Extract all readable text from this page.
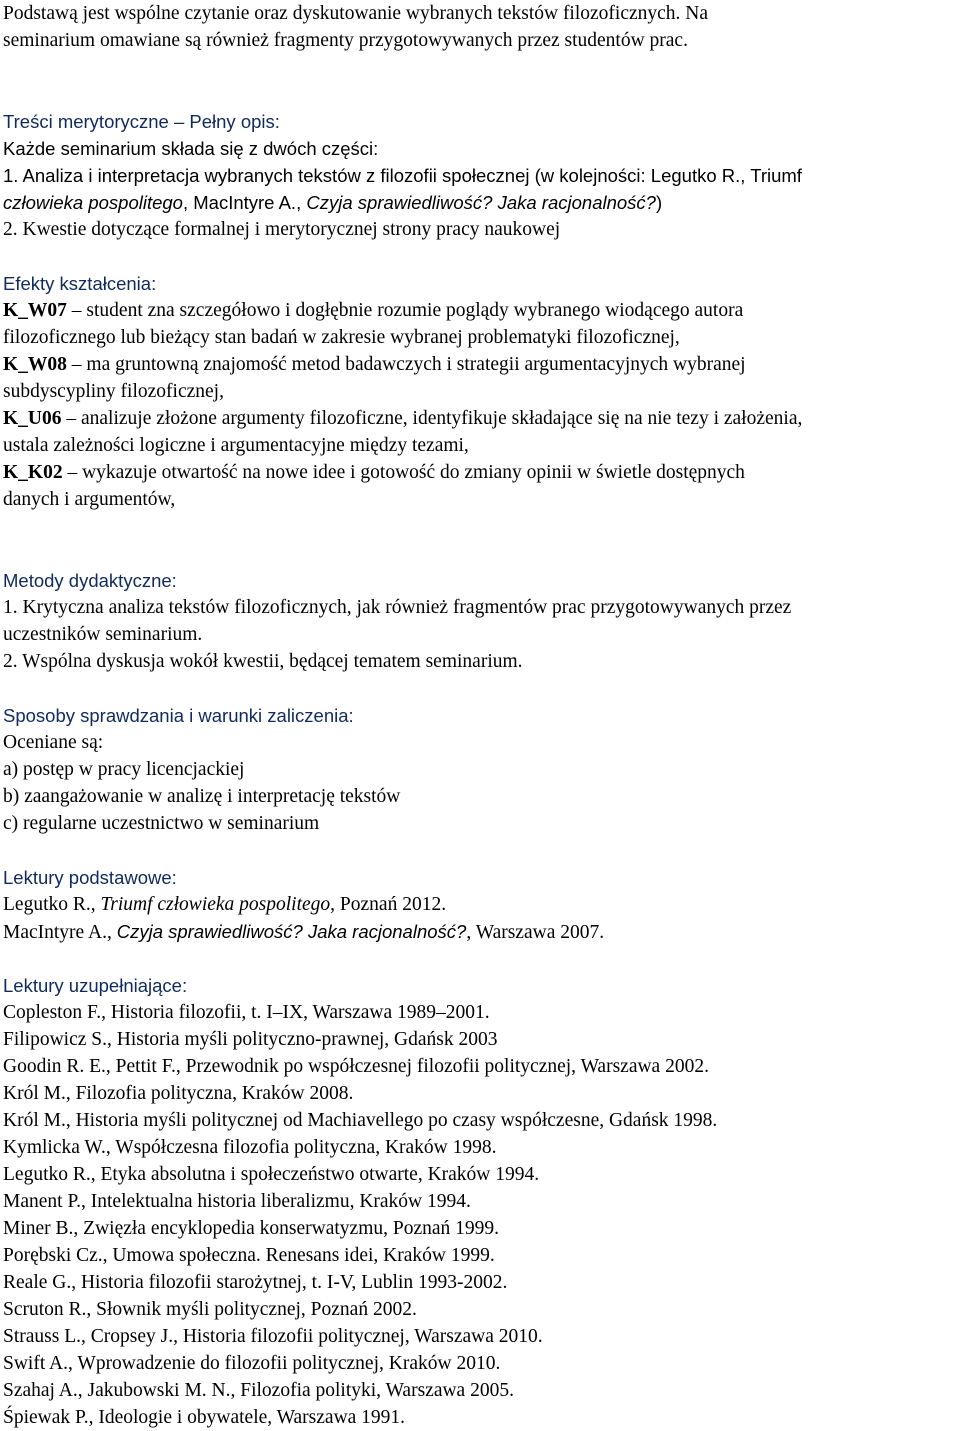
Podstawą jest wspólne czytanie oraz dyskutowanie wybranych tekstów filozoficznych. Na
seminarium omawiane są również fragmenty przygotowywanych przez studentów prac.
Treści merytoryczne – Pełny opis:
Każde seminarium składa się z dwóch części:
1. Analiza i interpretacja wybranych tekstów z filozofii społecznej (w kolejności: Legutko R., Triumf
człowieka pospolitego, MacIntyre A., Czyja sprawiedliwość? Jaka racjonalność?)
2. Kwestie dotyczące formalnej i merytorycznej strony pracy naukowej
Efekty kształcenia:
K_W07 – student zna szczegółowo i dogłębnie rozumie poglądy wybranego wiodącego autora
filozoficznego lub bieżący stan badań w zakresie wybranej problematyki filozoficznej,
K_W08 – ma gruntowną znajomość metod badawczych i strategii argumentacyjnych wybranej
subdyscypliny filozoficznej,
K_U06 – analizuje złożone argumenty filozoficzne, identyfikuje składające się na nie tezy i założenia,
ustala zależności logiczne i argumentacyjne między tezami,
K_K02 – wykazuje otwartość na nowe idee i gotowość do zmiany opinii w świetle dostępnych
danych i argumentów,
Metody dydaktyczne:
1. Krytyczna analiza tekstów filozoficznych, jak również fragmentów prac przygotowywanych przez
uczestników seminarium.
2. Wspólna dyskusja wokół kwestii, będącej tematem seminarium.
Sposoby sprawdzania i warunki zaliczenia:
Oceniane są:
a) postęp w pracy licencjackiej
b) zaangażowanie w analizę i interpretację tekstów
c) regularne uczestnictwo w seminarium
Lektury podstawowe:
Legutko R., Triumf człowieka pospolitego, Poznań 2012.
MacIntyre A., Czyja sprawiedliwość? Jaka racjonalność?, Warszawa 2007.
Lektury uzupełniające:
Copleston F., Historia filozofii, t. I–IX, Warszawa 1989–2001.
Filipowicz S., Historia myśli polityczno-prawnej, Gdańsk 2003
Goodin R. E., Pettit F., Przewodnik po współczesnej filozofii politycznej, Warszawa 2002.
Król M., Filozofia polityczna, Kraków 2008.
Król M., Historia myśli politycznej od Machiavellego po czasy współczesne, Gdańsk 1998.
Kymlicka W., Współczesna filozofia polityczna, Kraków 1998.
Legutko R., Etyka absolutna i społeczeństwo otwarte, Kraków 1994.
Manent P., Intelektualna historia liberalizmu, Kraków 1994.
Miner B., Zwięzła encyklopedia konserwatyzmu, Poznań 1999.
Porębski Cz., Umowa społeczna. Renesans idei, Kraków 1999.
Reale G., Historia filozofii starożytnej, t. I-V, Lublin 1993-2002.
Scruton R., Słownik myśli politycznej, Poznań 2002.
Strauss L., Cropsey J., Historia filozofii politycznej, Warszawa 2010.
Swift A., Wprowadzenie do filozofii politycznej, Kraków 2010.
Szahaj A., Jakubowski M. N., Filozofia polityki, Warszawa 2005.
Śpiewak P., Ideologie i obywatele, Warszawa 1991.
